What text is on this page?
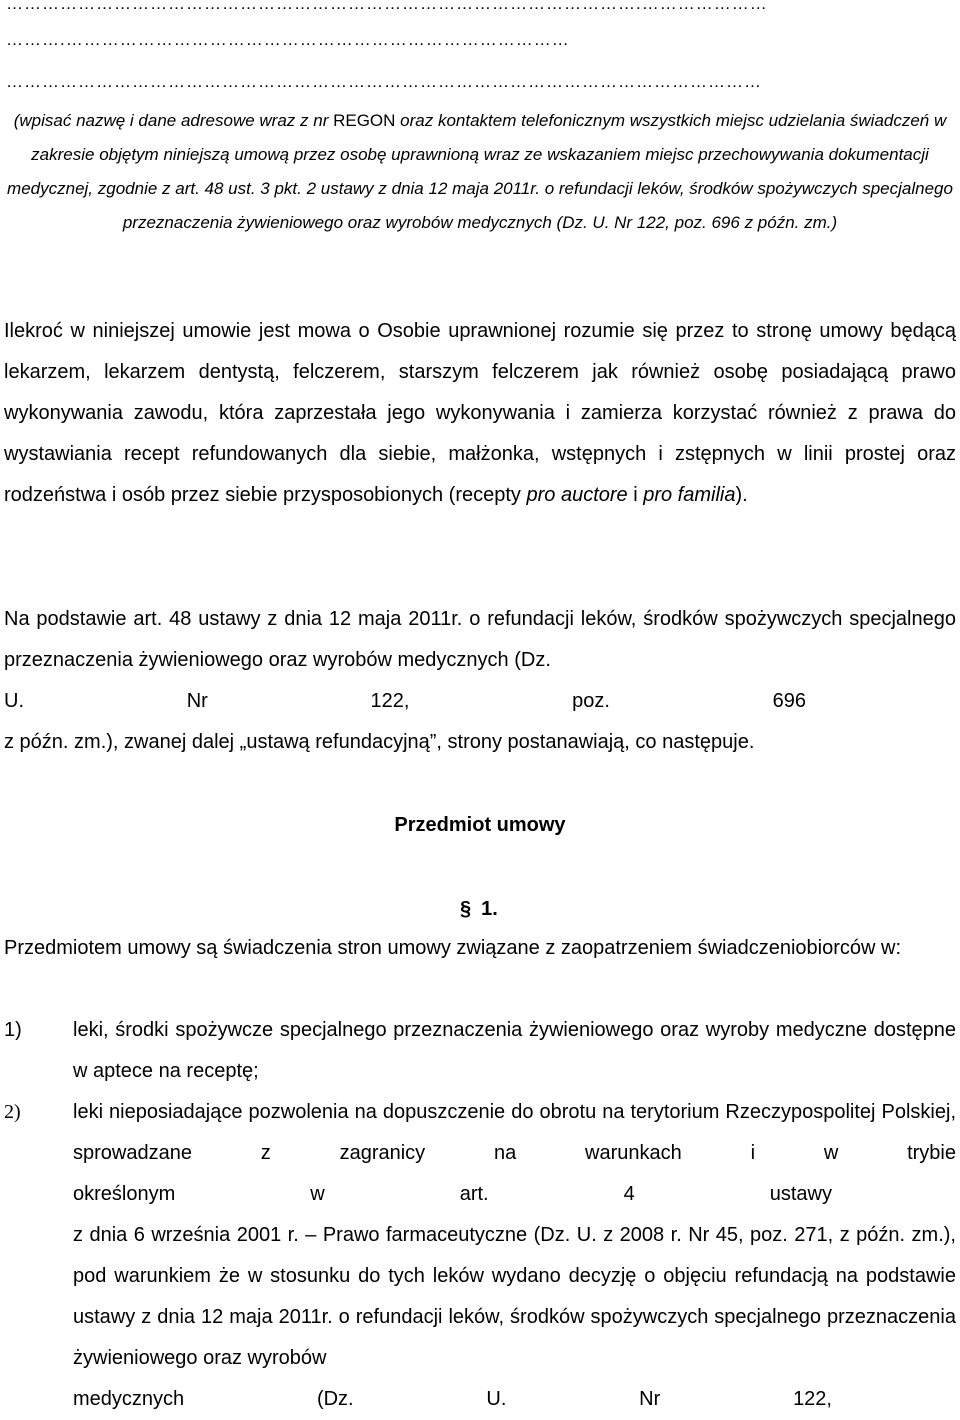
…………………………………………………………………………………………….…………………
……….…………………………………………………………………………
………………………………………………………………………………………………………………
(wpisać nazwę i dane adresowe wraz z nr REGON oraz kontaktem telefonicznym wszystkich miejsc udzielania świadczeń w zakresie objętym niniejszą umową przez osobę uprawnioną wraz ze wskazaniem miejsc przechowywania dokumentacji medycznej, zgodnie z art. 48 ust. 3 pkt. 2 ustawy z dnia 12 maja 2011r. o refundacji leków, środków spożywczych specjalnego przeznaczenia żywieniowego oraz wyrobów medycznych (Dz. U. Nr 122, poz. 696 z późn. zm.)
Ilekroć w niniejszej umowie jest mowa o Osobie uprawnionej rozumie się przez to stronę umowy będącą lekarzem, lekarzem dentystą, felczerem, starszym felczerem jak również osobę posiadającą prawo wykonywania zawodu, która zaprzestała jego wykonywania i zamierza korzystać również z prawa do wystawiania recept refundowanych dla siebie, małżonka, wstępnych i zstępnych w linii prostej oraz rodzeństwa i osób przez siebie przysposobionych (recepty pro auctore i pro familia).
Na podstawie art. 48 ustawy z dnia 12 maja 2011r. o refundacji leków, środków spożywczych specjalnego przeznaczenia żywieniowego oraz wyrobów medycznych (Dz.
U.	Nr	122,	poz.	696
z późn. zm.), zwanej dalej „ustawą refundacyjną”, strony postanawiają, co następuje.
Przedmiot umowy
§ 1.
Przedmiotem umowy są świadczenia stron umowy związane z zaopatrzeniem świadczeniobiorców w:
1)	leki, środki spożywcze specjalnego przeznaczenia żywieniowego oraz wyroby medyczne dostępne w aptece na receptę;
2)	leki nieposiadające pozwolenia na dopuszczenie do obrotu na terytorium Rzeczypospolitej Polskiej, sprowadzane z zagranicy na warunkach i w trybie
określonym	w	art.	4	ustawy
z dnia 6 września 2001 r. – Prawo farmaceutyczne (Dz. U. z 2008 r. Nr 45, poz. 271, z późn. zm.), pod warunkiem że w stosunku do tych leków wydano decyzję o objęciu refundacją na podstawie ustawy z dnia 12 maja 2011r. o refundacji leków, środków spożywczych specjalnego przeznaczenia żywieniowego oraz wyrobów
medycznych	(Dz.	U.	Nr	122,
